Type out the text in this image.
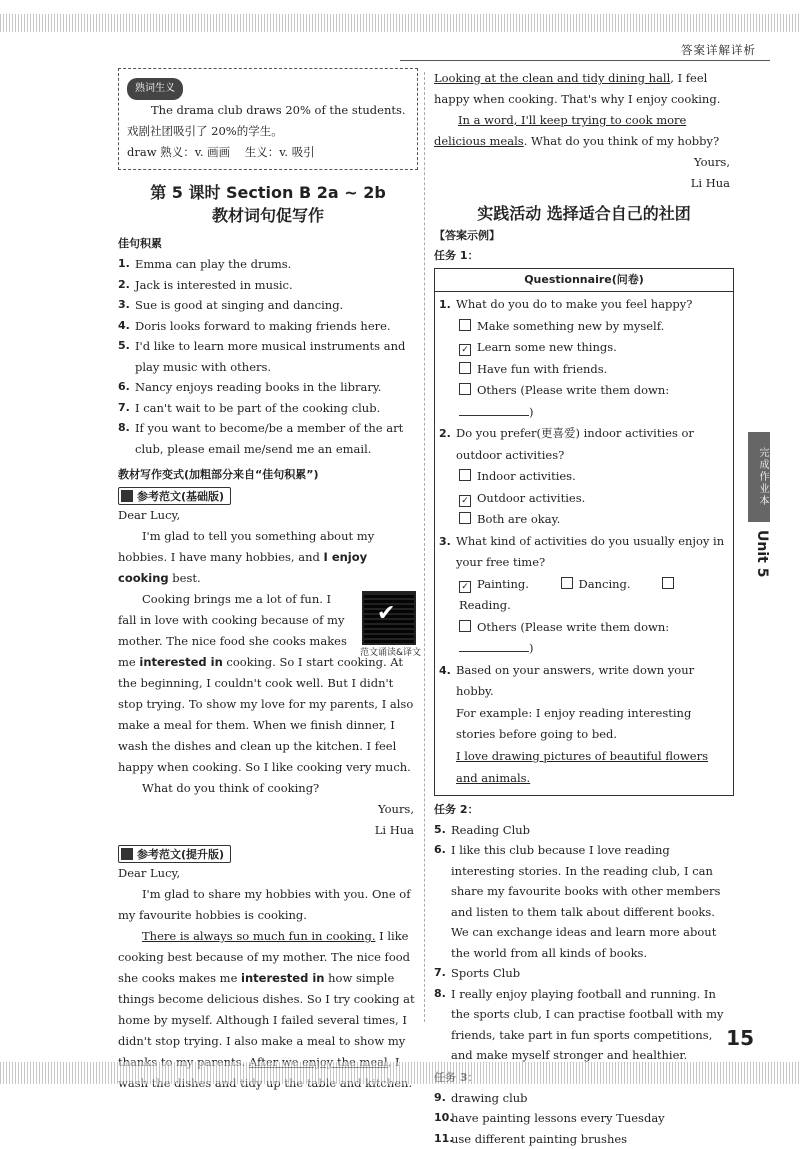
答案详解详析
熟词生义

The drama club draws 20% of the students.

戏剧社团吸引了 20%的学生。

draw 熟义：v. 画画    生义：v. 吸引

第 5 课时 Section B 2a ~ 2b
教材词句促写作
佳句积累
1. Emma can play the drums.
2. Jack is interested in music.
3. Sue is good at singing and dancing.
4. Doris looks forward to making friends here.
5. I'd like to learn more musical instruments and play music with others.
6. Nancy enjoys reading books in the library.
7. I can't wait to be part of the cooking club.
8. If you want to become/be a member of the art club, please email me/send me an email.
教材写作变式(加粗部分来自“佳句积累”)
参考范文(基础版)

Dear Lucy,

I'm glad to tell you something about my hobbies. I have many hobbies, and I enjoy cooking best.

✔
范文诵读&译文

Cooking brings me a lot of fun. I fall in love with cooking because of my mother. The nice food she cooks makes me interested in cooking. So I start cooking. At the beginning, I couldn't cook well. But I didn't stop trying. To show my love for my parents, I also make a meal for them. When we finish dinner, I wash the dishes and clean up the kitchen. I feel happy when cooking. So I like cooking very much.

What do you think of cooking?

Yours,

Li Hua

参考范文(提升版)

Dear Lucy,

I'm glad to share my hobbies with you. One of my favourite hobbies is cooking.

There is always so much fun in cooking. I like cooking best because of my mother. The nice food she cooks makes me interested in how simple things become delicious dishes. So I try cooking at home by myself. Although I failed several times, I didn't stop trying. I also make a meal to show my

Looking at the clean and tidy dining hall, I feel happy when cooking. That's why I enjoy cooking.

In a word, I'll keep trying to cook more delicious meals. What do you think of my hobby?

Yours,

Li Hua

实践活动 选择适合自己的社团
【答案示例】
任务 1：
Questionnaire(问卷)
1. What do you do to make you feel happy?
Make something new by myself.
✓ Learn some new things.
Have fun with friends.
Others (Please write them down: )
2. Do you prefer(更喜爱) indoor activities or outdoor activities?
Indoor activities.
✓ Outdoor activities.
Both are okay.
3. What kind of activities do you usually enjoy in your free time?
✓ Painting.	Dancing. Reading.
Others (Please write them down: )
4. Based on your answers, write down your hobby.
For example: I enjoy reading interesting stories before going to bed.
I love drawing pictures of beautiful flowers and animals.
任务 2：
5. Reading Club
6. I like this club because I love reading interesting stories. In the reading club, I can share my favourite books with other members and listen to them talk about different books. We can exchange ideas and learn more about the world from all kinds of books.
7. Sports Club
8. I really enjoy playing football and running. In the sports club, I can practise football with my friends, take part in fun sports competitions, and make myself stronger and healthier.
9. drawing club
10.
have painting lessons every Tuesday
11.
use different painting brushes
完成作业本
Unit 5
15
